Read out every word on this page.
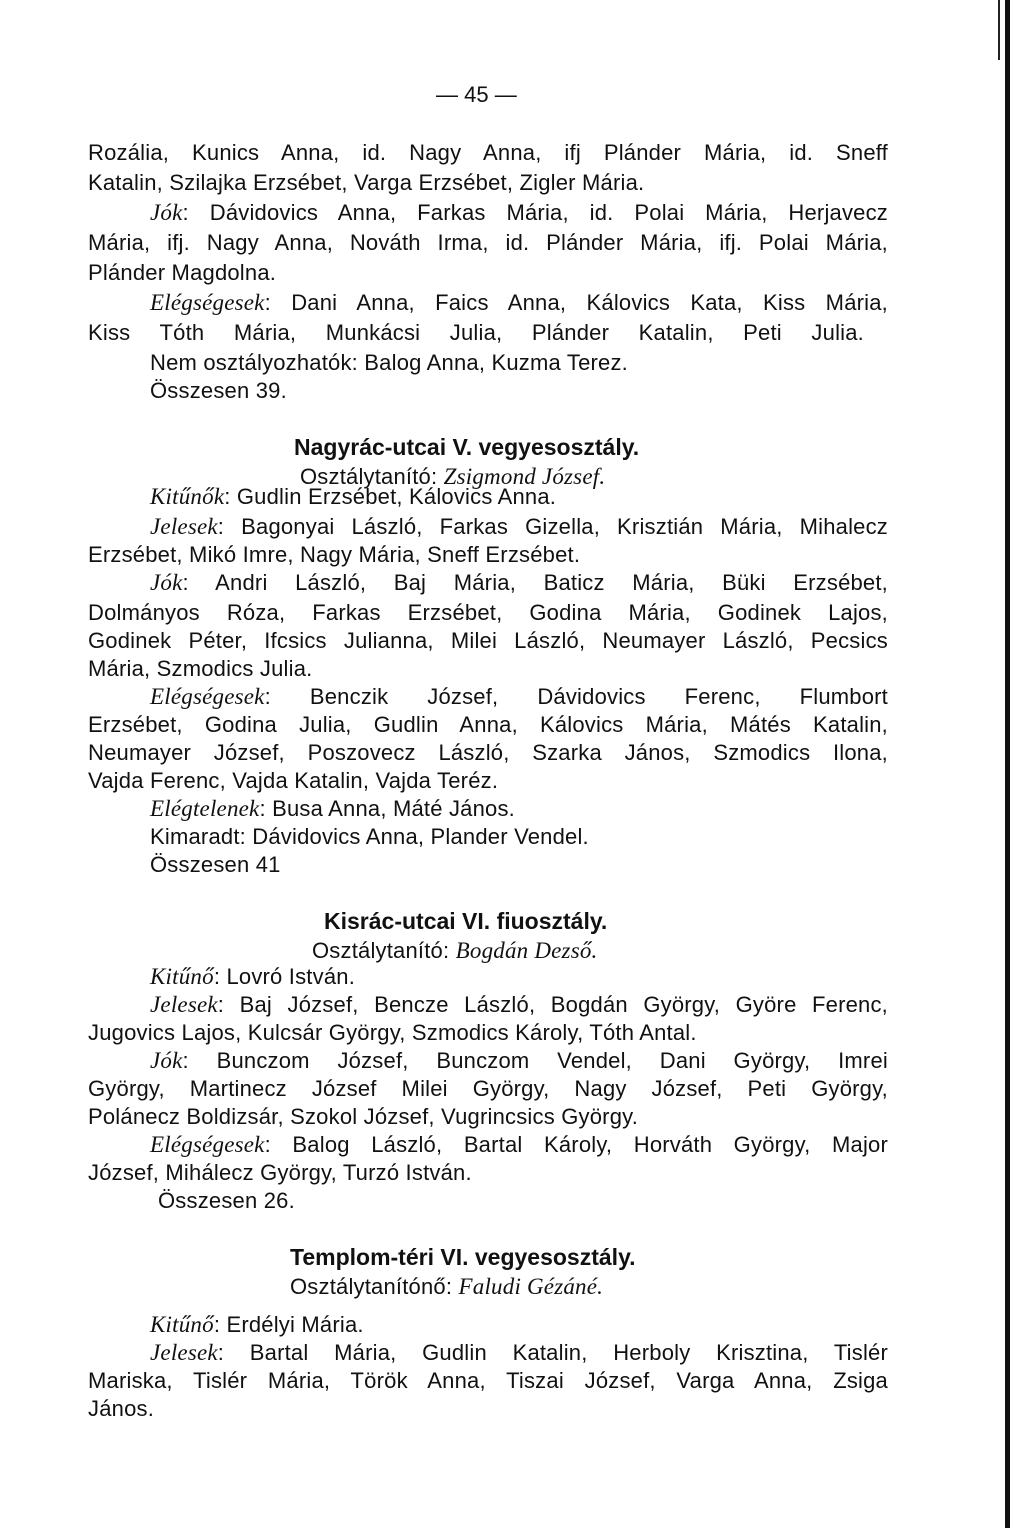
— 45 —
Rozália, Kunics Anna, id. Nagy Anna, ifj Plánder Mária, id. Sneff
Katalin, Szilajka Erzsébet, Varga Erzsébet, Zigler Mária.
Jók: Dávidovics Anna, Farkas Mária, id. Polai Mária, Herjavecz
Mária, ifj. Nagy Anna, Nováth Irma, id. Plánder Mária, ifj. Polai Mária,
Plánder Magdolna.
Elégségesek: Dani Anna, Faics Anna, Kálovics Kata, Kiss Mária,
Kiss Tóth Mária, Munkácsi Julia, Plánder Katalin, Peti Julia.
Nem osztályozhatók: Balog Anna, Kuzma Terez.
Összesen 39.
Nagyrác-utcai V. vegyesosztály.
Osztálytanító: Zsigmond József.
Kitűnők: Gudlin Erzsébet, Kálovics Anna.
Jelesek: Bagonyai László, Farkas Gizella, Krisztián Mária, Mihalecz
Erzsébet, Mikó Imre, Nagy Mária, Sneff Erzsébet.
Jók: Andri László, Baj Mária, Baticz Mária, Büki Erzsébet,
Dolmányos Róza, Farkas Erzsébet, Godina Mária, Godinek Lajos,
Godinek Péter, Ifcsics Julianna, Milei László, Neumayer László, Pecsics
Mária, Szmodics Julia.
Elégségesek: Benczik József, Dávidovics Ferenc, Flumbort
Erzsébet, Godina Julia, Gudlin Anna, Kálovics Mária, Mátés Katalin,
Neumayer József, Poszovecz László, Szarka János, Szmodics Ilona,
Vajda Ferenc, Vajda Katalin, Vajda Teréz.
Elégtelenek: Busa Anna, Máté János.
Kimaradt: Dávidovics Anna, Plander Vendel.
Összesen 41
Kisrác-utcai VI. fiuosztály.
Osztálytanító: Bogdán Dezső.
Kitűnő: Lovró István.
Jelesek: Baj József, Bencze László, Bogdán György, Györe Ferenc,
Jugovics Lajos, Kulcsár György, Szmodics Károly, Tóth Antal.
Jók: Bunczom József, Bunczom Vendel, Dani György, Imrei
György, Martinecz József Milei György, Nagy József, Peti György,
Polánecz Boldizsár, Szokol József, Vugrincsics György.
Elégségesek: Balog László, Bartal Károly, Horváth György, Major
József, Mihálecz György, Turzó István.
Összesen 26.
Templom-téri VI. vegyesosztály.
Osztálytanítónő: Faludi Gézáné.
Kitűnő: Erdélyi Mária.
Jelesek: Bartal Mária, Gudlin Katalin, Herboly Krisztina, Tislér
Mariska, Tislér Mária, Török Anna, Tiszai József, Varga Anna, Zsiga
János.
